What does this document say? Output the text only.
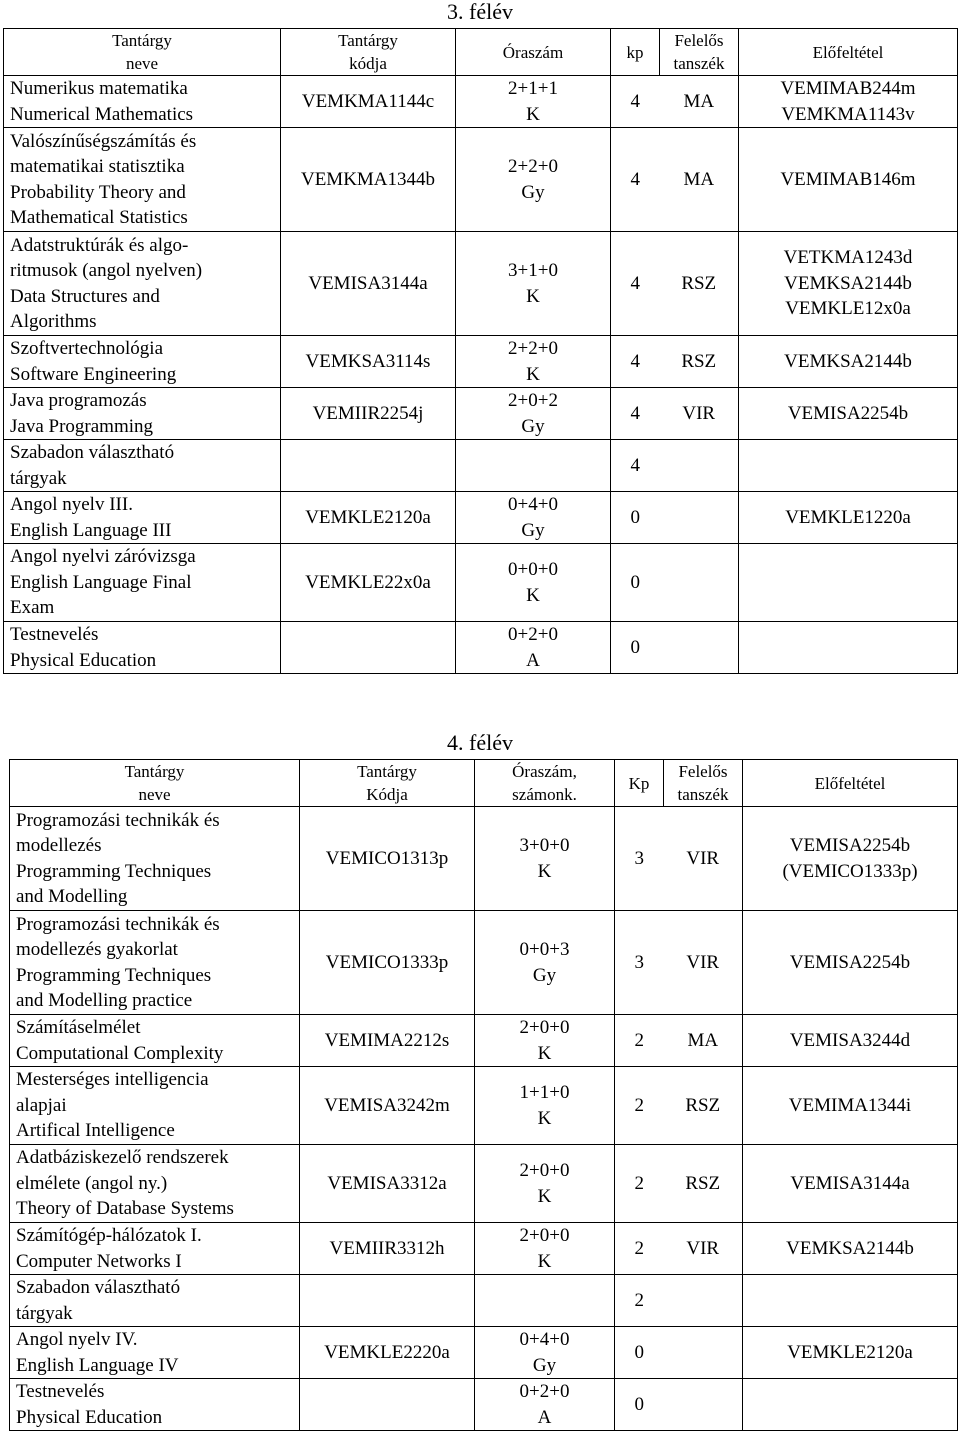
3. félév
Tantárgy
neve	Tantárgy
kódja	Óraszám	kp	Felelős
tanszék	Előfeltétel

Numerikus matematika
Numerical Mathematics	VEMKMA1144c	2+1+1
K	4	MA	VEMIMAB244m
VEMKMA1143v

Valószínűségszámítás és
matematikai statisztika
Probability Theory and
Mathematical Statistics	VEMKMA1344b	2+2+0
Gy	4	MA	VEMIMAB146m

Adatstruktúrák és algo-
ritmusok (angol nyelven)
Data Structures and
Algorithms	VEMISA3144a	3+1+0
K	4	RSZ	VETKMA1243d
VEMKSA2144b
VEMKLE12x0a

Szoftvertechnológia
Software Engineering	VEMKSA3114s	2+2+0
K	4	RSZ	VEMKSA2144b

Java programozás
Java Programming	VEMIIR2254j	2+0+2
Gy	4	VIR	VEMISA2254b

Szabadon választható
tárgyak			4		

Angol nyelv III.
English Language III	VEMKLE2120a	0+4+0
Gy	0		VEMKLE1220a

Angol nyelvi záróvizsga
English Language Final
Exam	VEMKLE22x0a	0+0+0
K	0		

Testnevelés
Physical Education		0+2+0
A	0		
4. félév
Tantárgy
neve	Tantárgy
Kódja	Óraszám,
számonk.	Kp	Felelős
tanszék	Előfeltétel

Programozási technikák és
modellezés
Programming Techniques
and Modelling	VEMICO1313p	3+0+0
K	3	VIR	VEMISA2254b
(VEMICO1333p)

Programozási technikák és
modellezés gyakorlat
Programming Techniques
and Modelling practice	VEMICO1333p	0+0+3
Gy	3	VIR	VEMISA2254b

Számításelmélet
Computational Complexity	VEMIMA2212s	2+0+0
K	2	MA	VEMISA3244d

Mesterséges intelligencia
alapjai
Artifical Intelligence	VEMISA3242m	1+1+0
K	2	RSZ	VEMIMA1344i

Adatbáziskezelő rendszerek
elmélete (angol ny.)
Theory of Database Systems	VEMISA3312a	2+0+0
K	2	RSZ	VEMISA3144a

Számítógép-hálózatok I.
Computer Networks I	VEMIIR3312h	2+0+0
K	2	VIR	VEMKSA2144b

Szabadon választható
tárgyak			2		

Angol nyelv IV.
English Language IV	VEMKLE2220a	0+4+0
Gy	0		VEMKLE2120a

Testnevelés
Physical Education		0+2+0
A	0		
